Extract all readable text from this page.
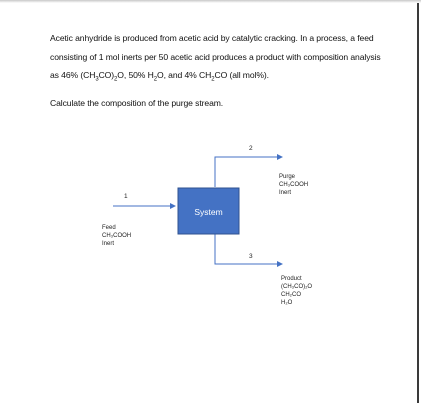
Acetic anhydride is produced from acetic acid by catalytic cracking. In a process, a feed consisting of 1 mol inerts per 50 acetic acid produces a product with composition analysis as 46% $(CH_3CO)_2O$, 50% $H_2O$, and 4% $CH_2CO$ (all mol%).
Calculate the composition of the purge stream.
System
1
2
3
Feed
CH₃COOH
Inert
Purge
CH₃COOH
Inert
Product
(CH₃CO)₂O
CH₂CO
H₂O
